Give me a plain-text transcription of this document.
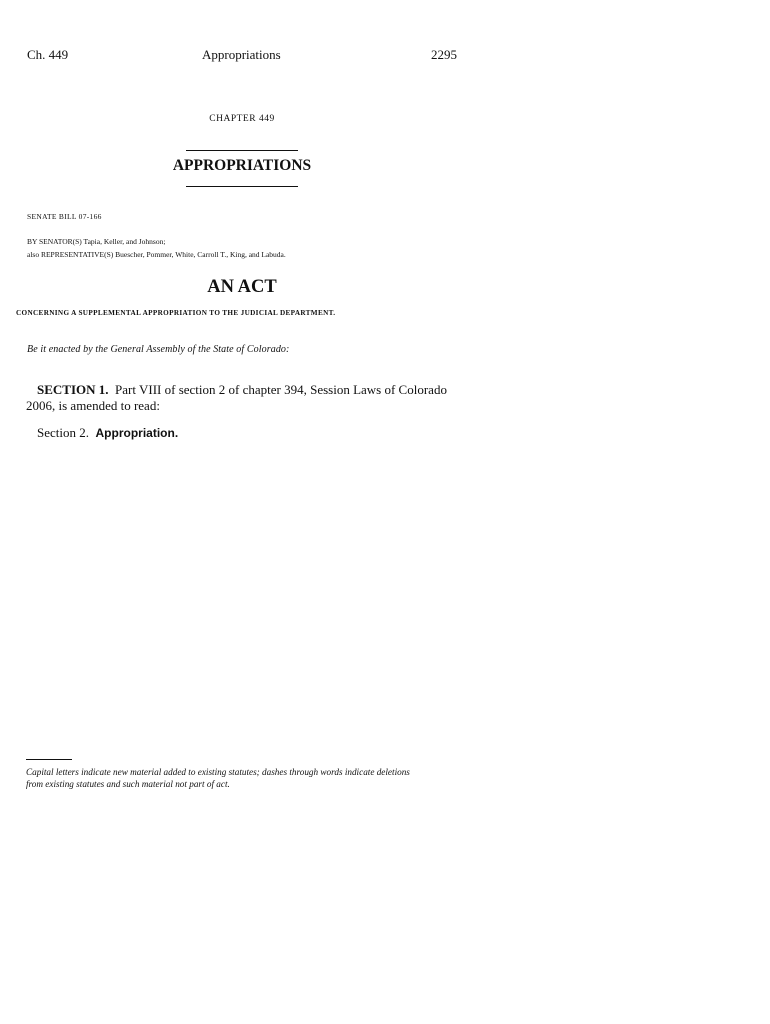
Ch. 449	Appropriations	2295
CHAPTER 449
APPROPRIATIONS
SENATE BILL 07-166
BY SENATOR(S) Tapia, Keller, and Johnson;
also REPRESENTATIVE(S) Buescher, Pommer, White, Carroll T., King, and Labuda.
AN ACT
CONCERNING A SUPPLEMENTAL APPROPRIATION TO THE JUDICIAL DEPARTMENT.
Be it enacted by the General Assembly of the State of Colorado:
SECTION 1. Part VIII of section 2 of chapter 394, Session Laws of Colorado
2006, is amended to read:
Section 2. Appropriation.
Capital letters indicate new material added to existing statutes; dashes through words indicate deletions
from existing statutes and such material not part of act.
